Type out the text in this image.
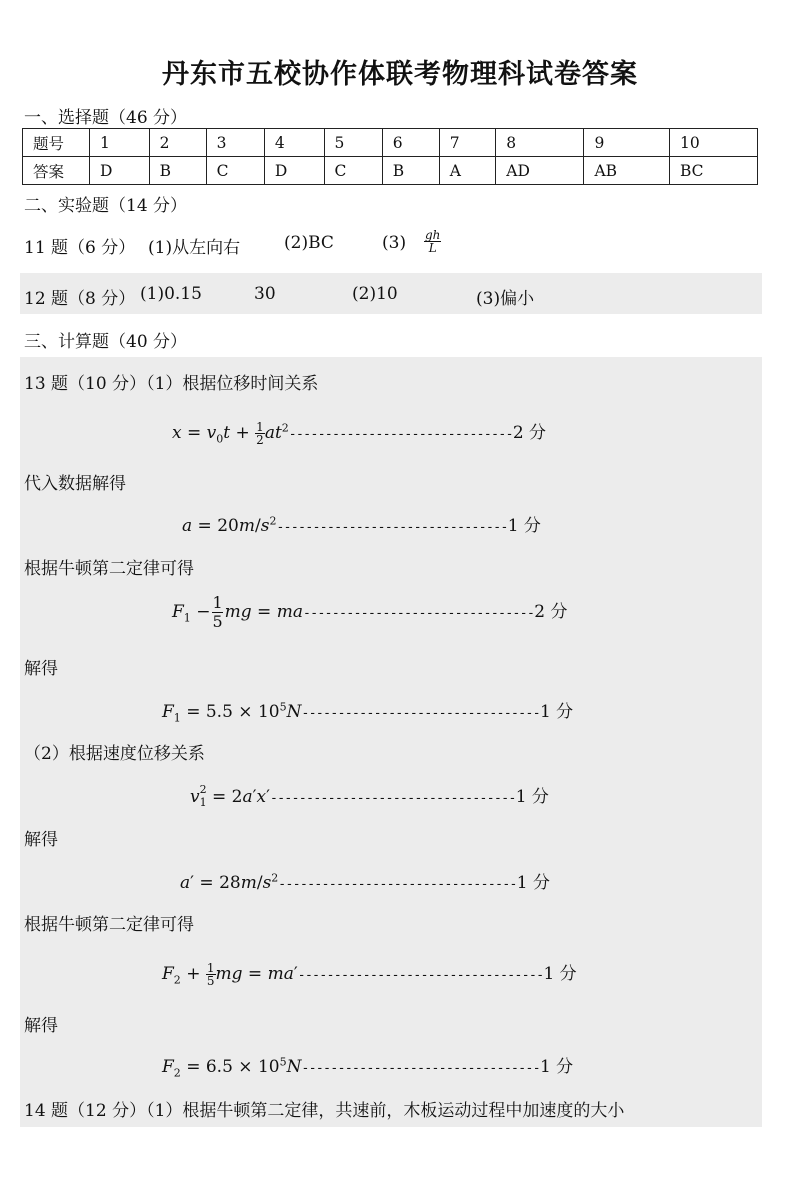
丹东市五校协作体联考物理科试卷答案
一、选择题（46 分）
题号	1	2	3	4	5	6	7	8	9	10
答案	D	B	C	D	C	B	A	AD	AB	BC
二、实验题（14 分）
11 题（6 分） (1)从左向右	(2)BC	$(3) \frac{gh}{L}$
12 题（8 分） (1)0.15	30	(2)10	(3)偏小
三、计算题（40 分）
13 题（10 分）（1）根据位移时间关系
$x = v_0t + \frac{1}{2} at^2-------------------------------2$ 分
代入数据解得
$a = 20m/s^2--------------------------------1$ 分
根据牛顿第二定律可得
$F_1 - \frac{1}{5}$ mg = ma--------------------------------2 分
解得
$F_1 = 5.5 \times 10^5N---------------------------------1$ 分
（2）根据速度位移关系
v $_{2 1}$ = 2a′x′----------------------------------1 分
解得
$a' = 28m/s^2---------------------------------1$ 分
根据牛顿第二定律可得
$F_2 + \frac{1}{5}$ mg = ma′----------------------------------1 分
解得
$F_2 = 6.5 \times 10^5N---------------------------------1$ 分
14 题（12 分）（1）根据牛顿第二定律，共速前，木板运动过程中加速度的大小
